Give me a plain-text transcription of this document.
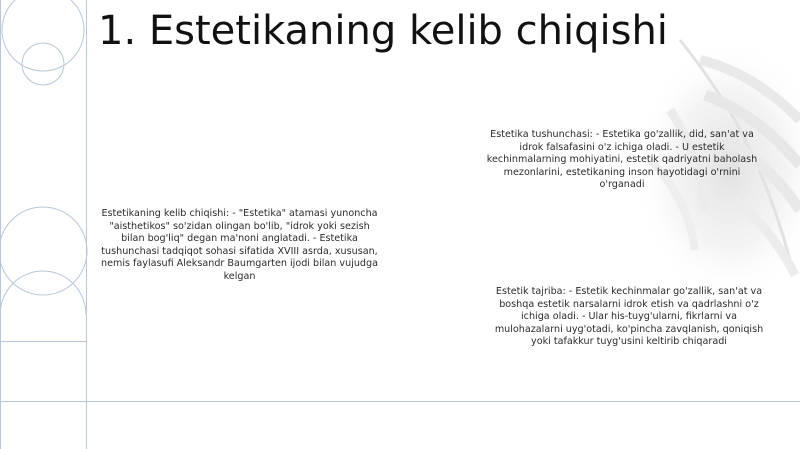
1. Estetikaning kelib chiqishi

Estetikaning kelib chiqishi: - "Estetika" atamasi yunoncha "aisthetikos" so'zidan olingan bo'lib, "idrok yoki sezish bilan bog'liq" degan ma'noni anglatadi. - Estetika tushunchasi tadqiqot sohasi sifatida XVIII asrda, xususan, nemis faylasufi Aleksandr Baumgarten ijodi bilan vujudga kelgan

Estetika tushunchasi: - Estetika go'zallik, did, san'at va idrok falsafasini o'z ichiga oladi. - U estetik kechinmalarning mohiyatini, estetik qadriyatni baholash mezonlarini, estetikaning inson hayotidagi o'rnini o'rganadi

Estetik tajriba: - Estetik kechinmalar go'zallik, san'at va boshqa estetik narsalarni idrok etish va qadrlashni o'z ichiga oladi. - Ular his-tuyg'ularni, fikrlarni va mulohazalarni uyg'otadi, ko'pincha zavqlanish, qoniqish yoki tafakkur tuyg'usini keltirib chiqaradi
